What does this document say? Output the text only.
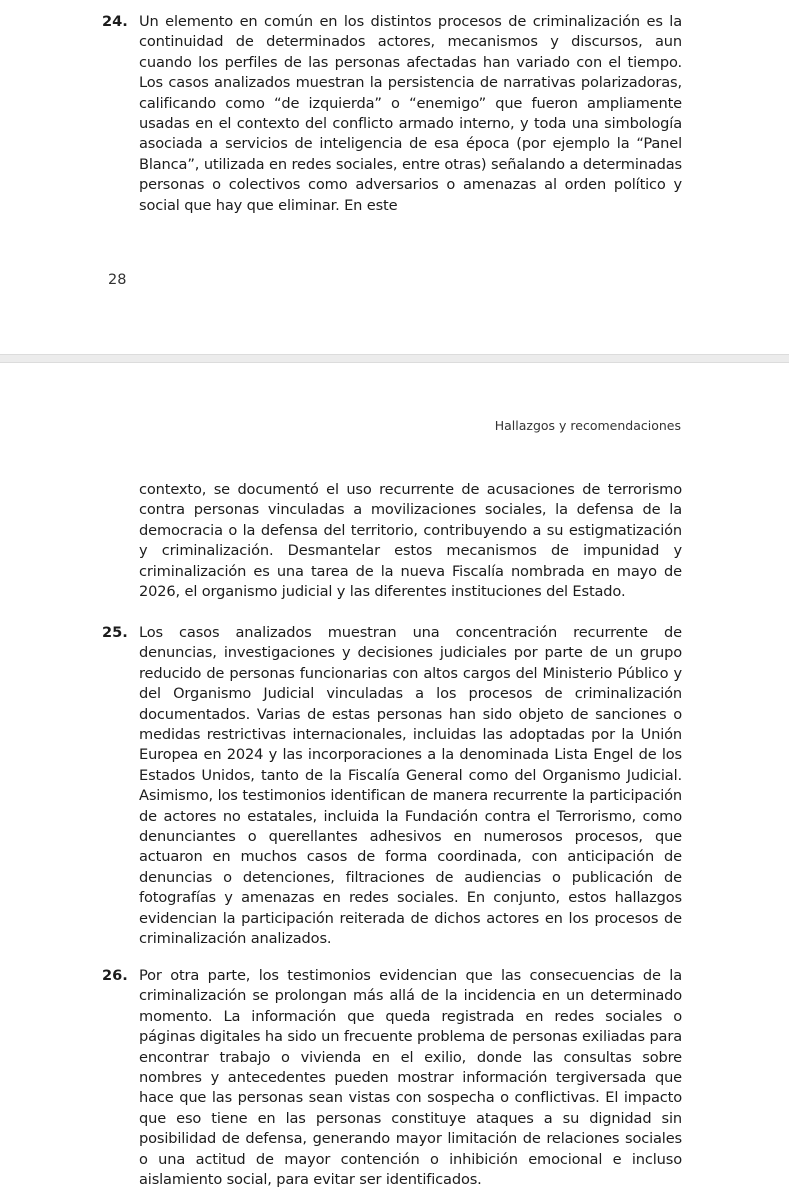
24. Un elemento en común en los distintos procesos de criminalización es la continuidad de determinados actores, mecanismos y discursos, aun cuando los perfiles de las personas afectadas han variado con el tiempo. Los casos analizados muestran la persistencia de narrativas polarizadoras, calificando como “de izquierda” o “enemigo” que fueron ampliamente usadas en el contexto del conflicto armado interno, y toda una simbología asociada a servicios de inteligencia de esa época (por ejemplo la “Panel Blanca”, utilizada en redes sociales, entre otras) señalando a determinadas personas o colectivos como adversarios o amenazas al orden político y social que hay que eliminar. En este

28
Hallazgos y recomendaciones

contexto, se documentó el uso recurrente de acusaciones de terrorismo contra personas vinculadas a movilizaciones sociales, la defensa de la democracia o la defensa del territorio, contribuyendo a su estigmatización y criminalización. Desmantelar estos mecanismos de impunidad y criminalización es una tarea de la nueva Fiscalía nombrada en mayo de 2026, el organismo judicial y las diferentes instituciones del Estado.

25. Los casos analizados muestran una concentración recurrente de denuncias, investigaciones y decisiones judiciales por parte de un grupo reducido de personas funcionarias con altos cargos del Ministerio Público y del Organismo Judicial vinculadas a los procesos de criminalización documentados. Varias de estas personas han sido objeto de sanciones o medidas restrictivas internacionales, incluidas las adoptadas por la Unión Europea en 2024 y las incorporaciones a la denominada Lista Engel de los Estados Unidos, tanto de la Fiscalía General como del Organismo Judicial. Asimismo, los testimonios identifican de manera recurrente la participación de actores no estatales, incluida la Fundación contra el Terrorismo, como denunciantes o querellantes adhesivos en numerosos procesos, que actuaron en muchos casos de forma coordinada, con anticipación de denuncias o detenciones, filtraciones de audiencias o publicación de fotografías y amenazas en redes sociales. En conjunto, estos hallazgos evidencian la participación reiterada de dichos actores en los procesos de criminalización analizados.

26. Por otra parte, los testimonios evidencian que las consecuencias de la criminalización se prolongan más allá de la incidencia en un determinado momento. La información que queda registrada en redes sociales o páginas digitales ha sido un frecuente problema de personas exiliadas para encontrar trabajo o vivienda en el exilio, donde las consultas sobre nombres y antecedentes pueden mostrar información tergiversada que hace que las personas sean vistas con sospecha o conflictivas. El impacto que eso tiene en las personas constituye ataques a su dignidad sin posibilidad de defensa, generando mayor limitación de relaciones sociales o una actitud de mayor contención o inhibición emocional e incluso aislamiento social, para evitar ser identificados.
